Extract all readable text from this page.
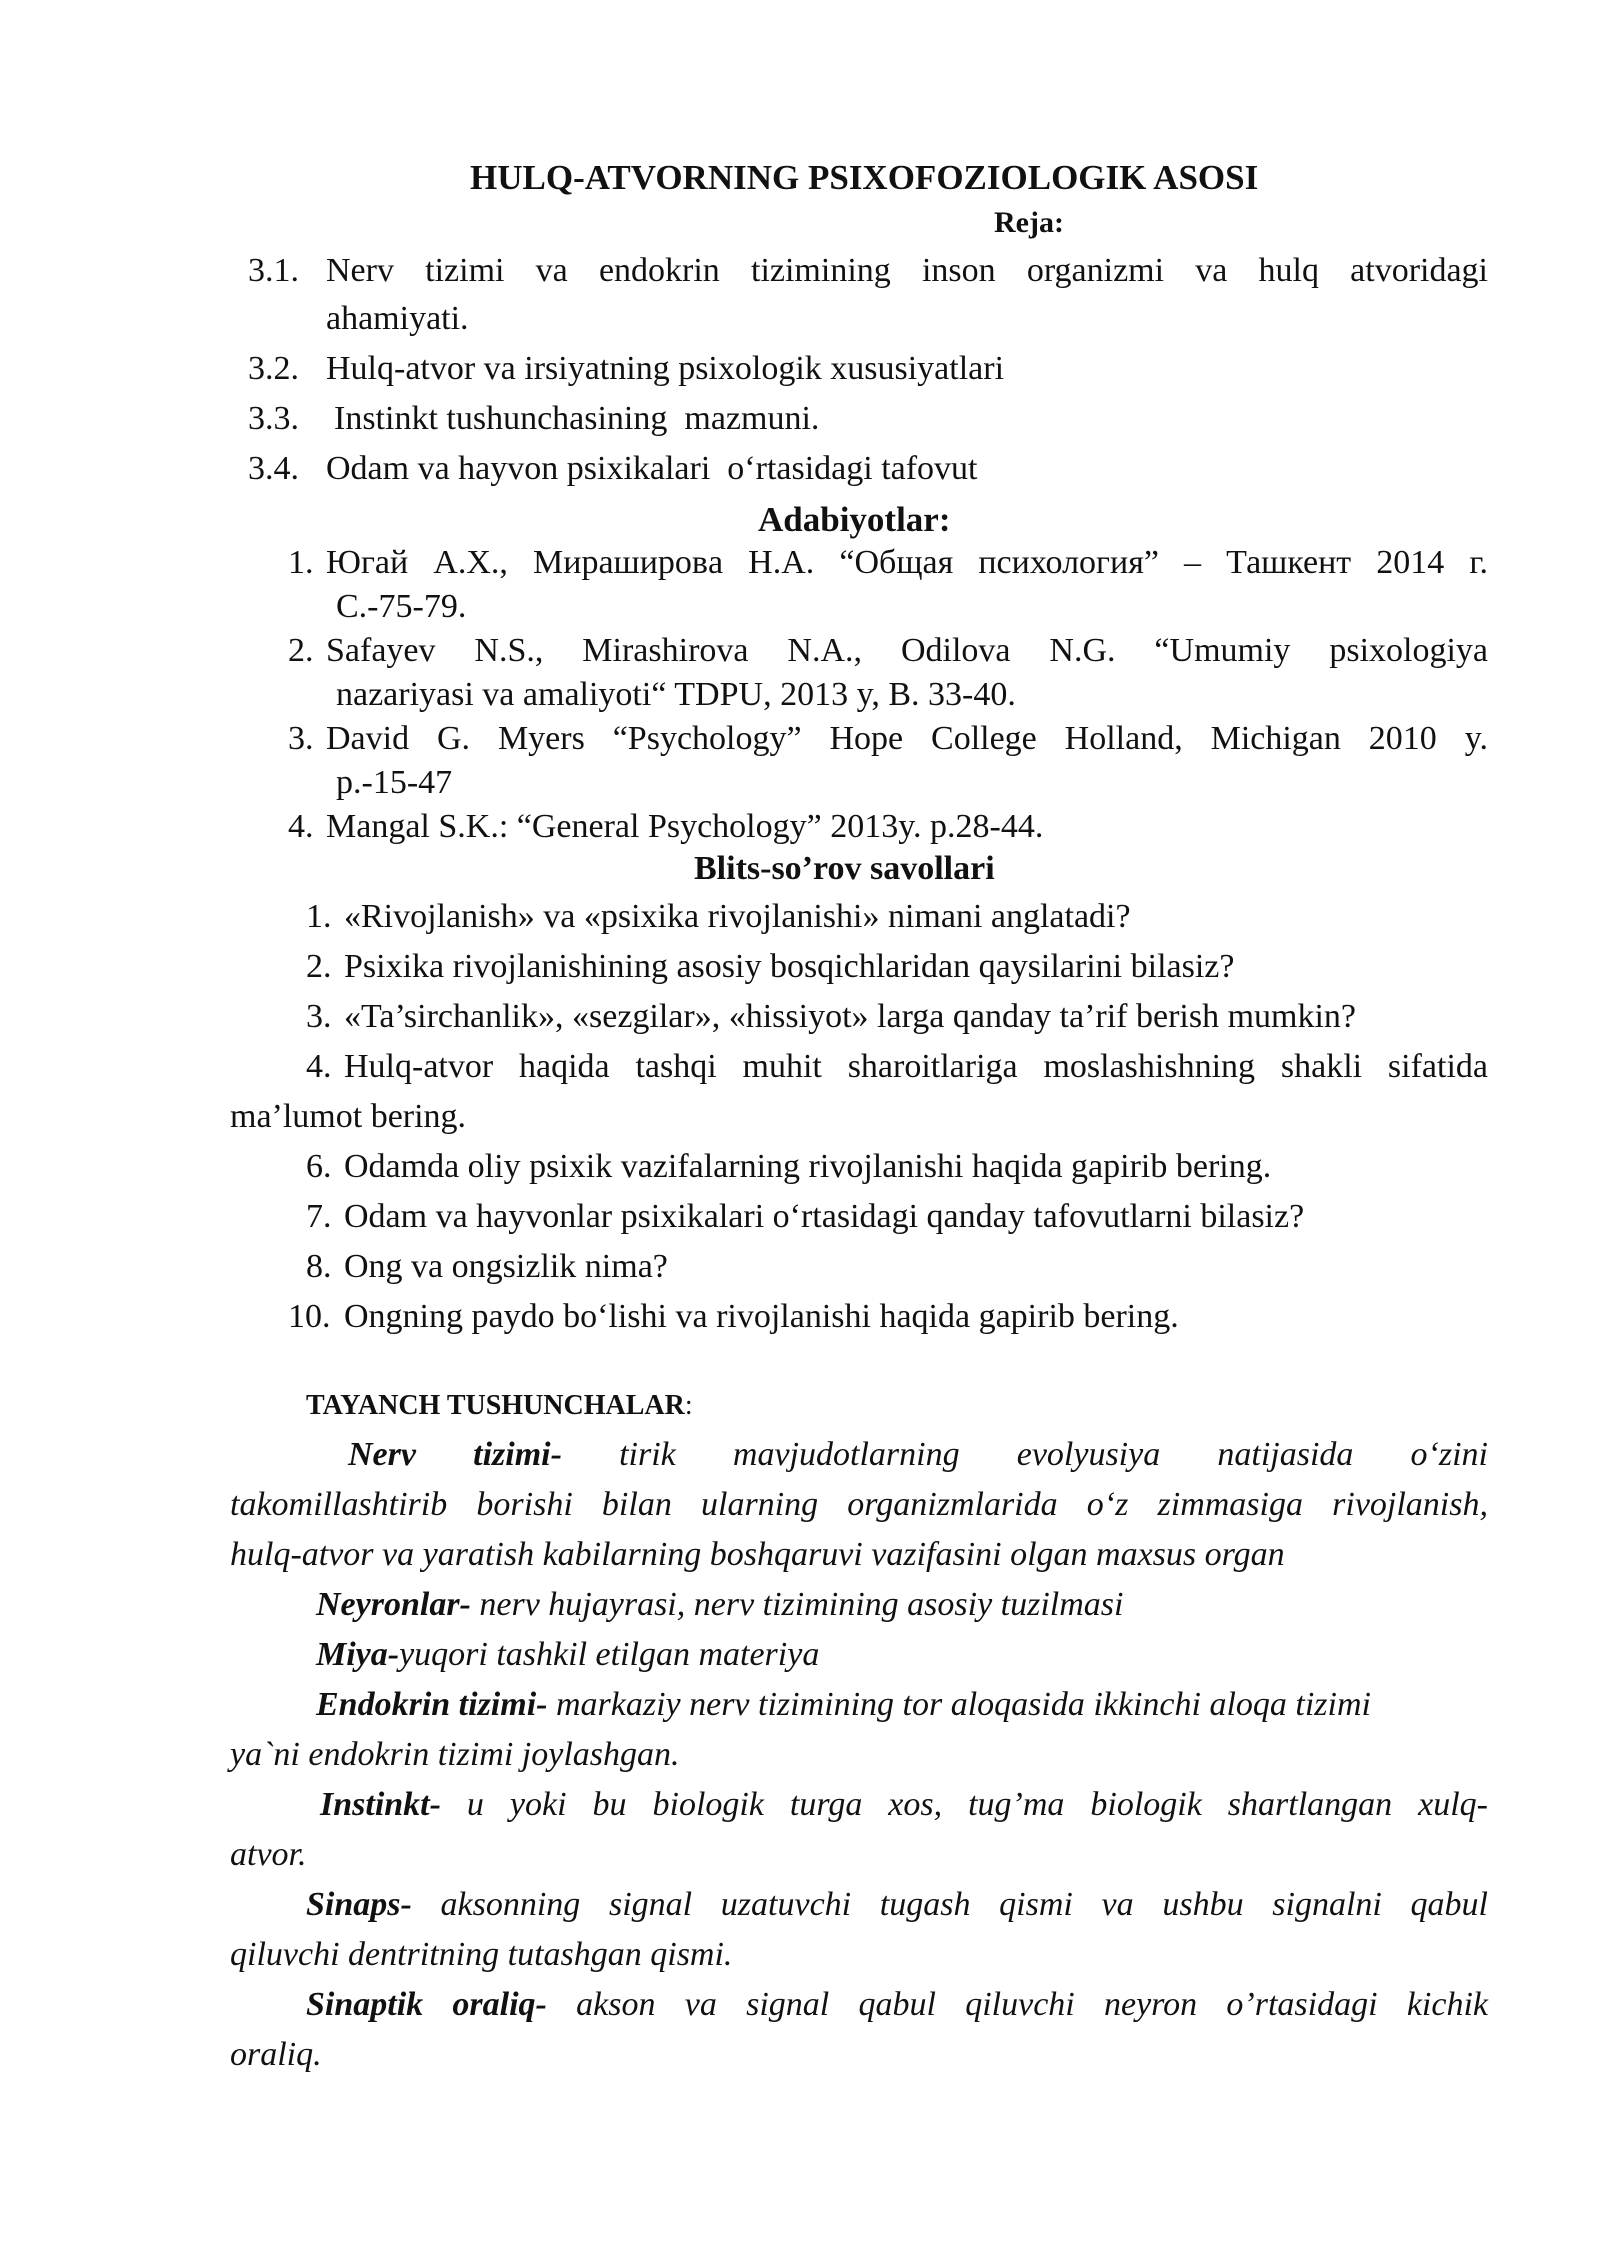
HULQ-ATVORNING PSIXOFOZIOLOGIK ASOSI
Reja:
3.1. Nerv tizimi va endokrin tizimining inson organizmi va hulq atvoridagi
ahamiyati.
3.2. Hulq-atvor va irsiyatning psixologik xususiyatlari
3.3. Instinkt tushunchasining  mazmuni.
3.4. Odam va hayvon psixikalari  o‘rtasidagi tafovut
Adabiyotlar:
1. Югай А.Х., Мирашировa Н.А. “Общая психология” – Ташкент 2014 г.
С.-75-79.
2. Safayev N.S., Mirashirova N.A., Odilova N.G. “Umumiy psixologiya
nazariyasi va amaliyoti“ TDPU, 2013 y, B. 33-40.
3. David G. Myers “Psychology” Hope College Holland, Michigan 2010 y.
p.-15-47
4. Mangal S.K.: “General Psychology” 2013y. p.28-44.
Blits-so’rov savollari
1. «Rivojlanish» va «psixika rivojlanishi» nimani anglatadi?
2. Psixika rivojlanishining asosiy bosqichlaridan qaysilarini bilasiz?
3. «Ta’sirchanlik», «sezgilar», «hissiyot» larga qanday ta’rif berish mumkin?
4. Hulq-atvor haqida tashqi muhit sharoitlariga moslashishning shakli sifatida
ma’lumot bering.
6. Odamda oliy psixik vazifalarning rivojlanishi haqida gapirib bering.
7. Odam va hayvonlar psixikalari o‘rtasidagi qanday tafovutlarni bilasiz?
8. Ong va ongsizlik nima?
10. Ongning paydo bo‘lishi va rivojlanishi haqida gapirib bering.
TAYANCH TUSHUNCHALAR:
Nerv tizimi- tirik mavjudotlarning evolyusiya natijasida o‘zini
takomillashtirib borishi bilan ularning organizmlarida o‘z zimmasiga rivojlanish,
hulq-atvor va yaratish kabilarning boshqaruvi vazifasini olgan maxsus organ
Neyronlar- nerv hujayrasi, nerv tizimining asosiy tuzilmasi
Miya-yuqori tashkil etilgan materiya
Endokrin tizimi- markaziy nerv tizimining tor aloqasida ikkinchi aloqa tizimi
ya`ni endokrin tizimi joylashgan.
Instinkt- u yoki bu biologik turga xos, tug’ma biologik shartlangan xulq-
atvor.
Sinaps- aksonning signal uzatuvchi tugash qismi va ushbu signalni qabul
qiluvchi dentritning tutashgan qismi.
Sinaptik oraliq- akson va signal qabul qiluvchi neyron o’rtasidagi kichik
oraliq.
